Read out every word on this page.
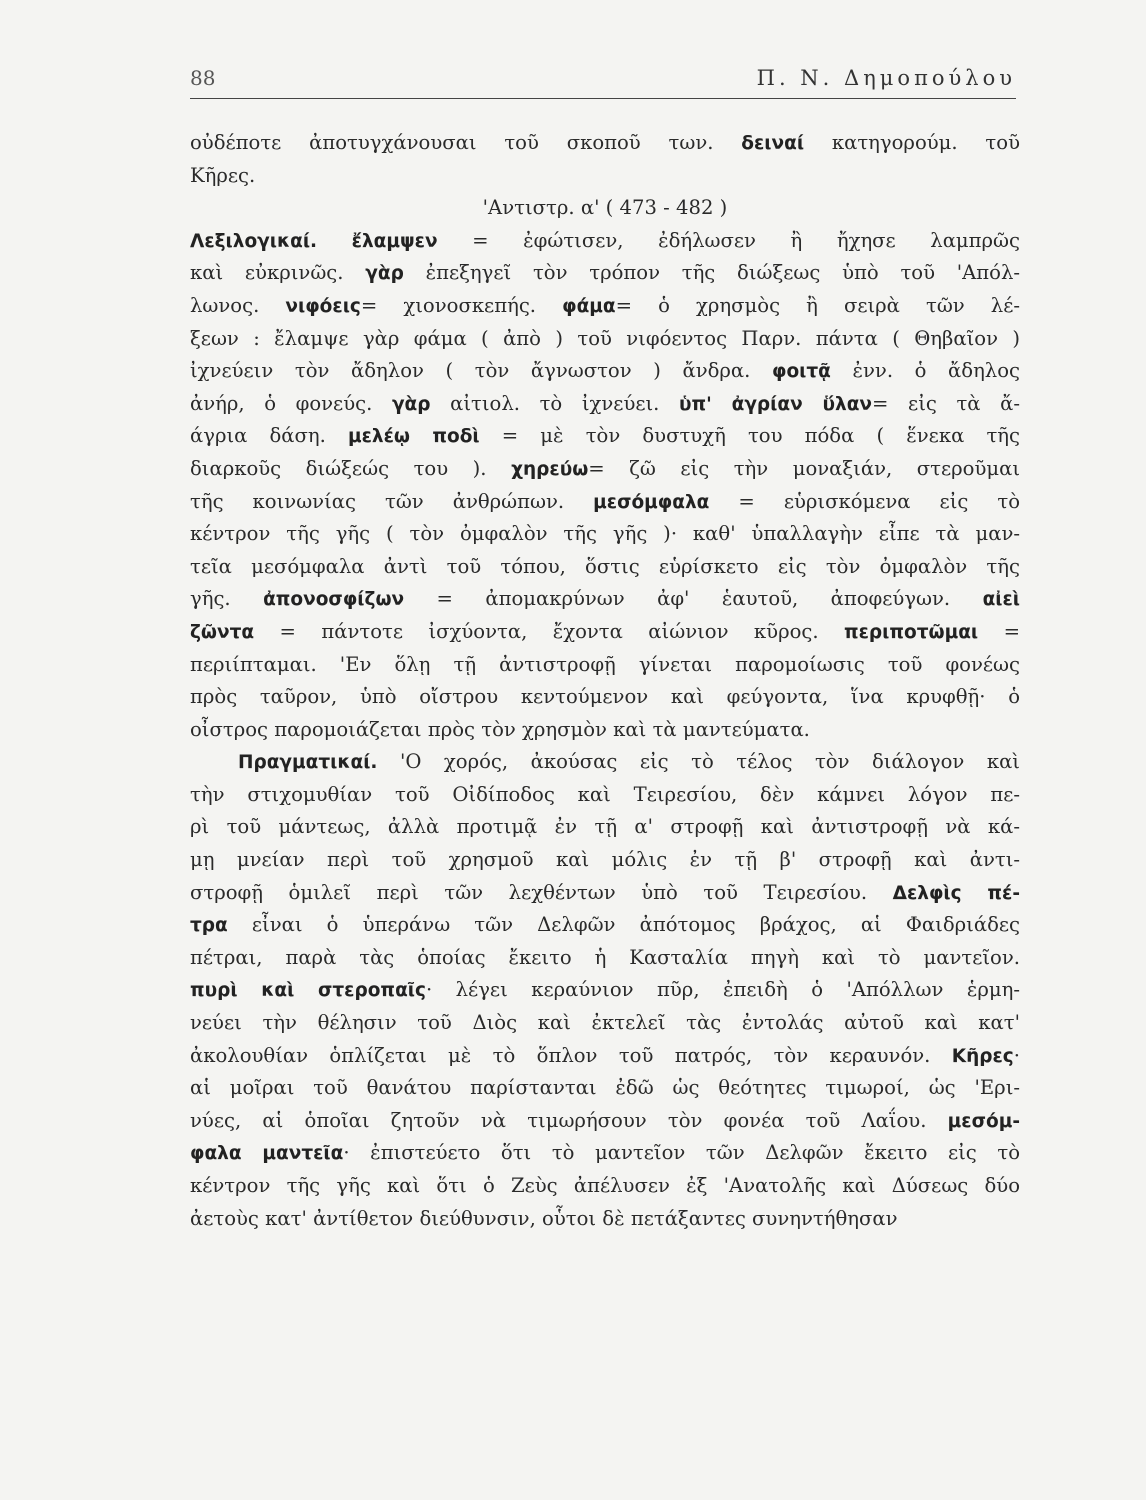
88	Π. Ν. Δημοπούλου
οὐδέποτε ἀποτυγχάνουσαι τοῦ σκοποῦ των. δειναί κατηγορούμ. τοῦ
Κῆρες.
'Αντιστρ. α' ( 473 - 482 )
Λεξιλογικαί. ἔλαμψεν = ἐφώτισεν, ἐδήλωσεν ἢ ἤχησε λαμπρῶς
καὶ εὐκρινῶς. γὰρ ἐπεξηγεῖ τὸν τρόπον τῆς διώξεως ὑπὸ τοῦ 'Απόλ-
λωνος. νιφόεις= χιονοσκεπής. φάμα= ὁ χρησμὸς ἢ σειρὰ τῶν λέ-
ξεων : ἔλαμψε γὰρ φάμα ( ἀπὸ ) τοῦ νιφόεντος Παρν. πάντα ( Θηβαῖον )
ἰχνεύειν τὸν ἄδηλον ( τὸν ἄγνωστον ) ἄνδρα. φοιτᾷ ἐνν. ὁ ἄδηλος
ἀνήρ, ὁ φονεύς. γὰρ αἰτιολ. τὸ ἰχνεύει. ὑπ' ἀγρίαν ὕλαν= εἰς τὰ ἄ-
άγρια δάση. μελέῳ ποδὶ = μὲ τὸν δυστυχῆ του πόδα ( ἕνεκα τῆς
διαρκοῦς διώξεώς του ). χηρεύω= ζῶ εἰς τὴν μοναξιάν, στεροῦμαι
τῆς κοινωνίας τῶν ἀνθρώπων. μεσόμφαλα = εὑρισκόμενα εἰς τὸ
κέντρον τῆς γῆς ( τὸν ὀμφαλὸν τῆς γῆς )· καθ' ὑπαλλαγὴν εἶπε τὰ μαν-
τεῖα μεσόμφαλα ἀντὶ τοῦ τόπου, ὅστις εὑρίσκετο εἰς τὸν ὀμφαλὸν τῆς
γῆς. ἀπονοσφίζων = ἀπομακρύνων ἀφ' ἑαυτοῦ, ἀποφεύγων. αἰεὶ
ζῶντα = πάντοτε ἰσχύοντα, ἔχοντα αἰώνιον κῦρος. περιποτῶμαι =
περιίπταμαι. 'Εν ὅλῃ τῇ ἀντιστροφῇ γίνεται παρομοίωσις τοῦ φονέως
πρὸς ταῦρον, ὑπὸ οἴστρου κεντούμενον καὶ φεύγοντα, ἵνα κρυφθῇ· ὁ
οἶστρος παρομοιάζεται πρὸς τὸν χρησμὸν καὶ τὰ μαντεύματα.
Πραγματικαί. 'Ο χορός, ἀκούσας εἰς τὸ τέλος τὸν διάλογον καὶ
τὴν στιχομυθίαν τοῦ Οἰδίποδος καὶ Τειρεσίου, δὲν κάμνει λόγον πε-
ρὶ τοῦ μάντεως, ἀλλὰ προτιμᾷ ἐν τῇ α' στροφῇ καὶ ἀντιστροφῇ νὰ κά-
μῃ μνείαν περὶ τοῦ χρησμοῦ καὶ μόλις ἐν τῇ β' στροφῇ καὶ ἀντι-
στροφῇ ὁμιλεῖ περὶ τῶν λεχθέντων ὑπὸ τοῦ Τειρεσίου. Δελφὶς πέ-
τρα εἶναι ὁ ὑπεράνω τῶν Δελφῶν ἀπότομος βράχος, αἱ Φαιδριάδες
πέτραι, παρὰ τὰς ὁποίας ἔκειτο ἡ Κασταλία πηγὴ καὶ τὸ μαντεῖον.
πυρὶ καὶ στεροπαῖς· λέγει κεραύνιον πῦρ, ἐπειδὴ ὁ 'Απόλλων ἑρμη-
νεύει τὴν θέλησιν τοῦ Διὸς καὶ ἐκτελεῖ τὰς ἐντολάς αὐτοῦ καὶ κατ'
ἀκολουθίαν ὁπλίζεται μὲ τὸ ὅπλον τοῦ πατρός, τὸν κεραυνόν. Κῆρες·
αἱ μοῖραι τοῦ θανάτου παρίστανται ἐδῶ ὡς θεότητες τιμωροί, ὡς 'Ερι-
νύες, αἱ ὁποῖαι ζητοῦν νὰ τιμωρήσουν τὸν φονέα τοῦ Λαΐου. μεσόμ-
φαλα μαντεῖα· ἐπιστεύετο ὅτι τὸ μαντεῖον τῶν Δελφῶν ἔκειτο εἰς τὸ
κέντρον τῆς γῆς καὶ ὅτι ὁ Ζεὺς ἀπέλυσεν ἐξ 'Ανατολῆς καὶ Δύσεως δύο
ἀετοὺς κατ' ἀντίθετον διεύθυνσιν, οὗτοι δὲ πετάξαντες συνηντήθησαν
